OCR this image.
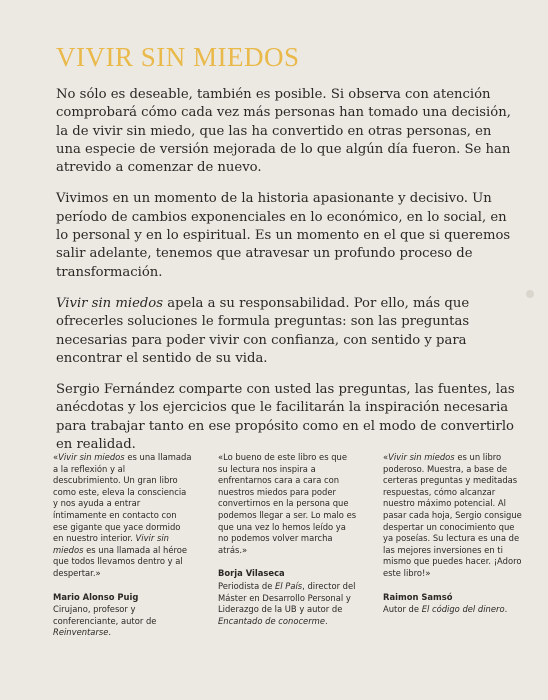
VIVIR SIN MIEDOS

No sólo es deseable, también es posible. Si observa con atención comprobará cómo cada vez más personas han tomado una decisión, la de vivir sin miedo, que las ha convertido en otras personas, en una especie de versión mejorada de lo que algún día fueron. Se han atrevido a comenzar de nuevo.

Vivimos en un momento de la historia apasionante y decisivo. Un período de cambios exponenciales en lo económico, en lo social, en lo personal y en lo espiritual. Es un momento en el que si queremos salir adelante, tenemos que atravesar un profundo proceso de transformación.

Vivir sin miedos apela a su responsabilidad. Por ello, más que ofrecerles soluciones le formula preguntas: son las preguntas necesarias para poder vivir con confianza, con sentido y para encontrar el sentido de su vida.

Sergio Fernández comparte con usted las preguntas, las fuentes, las anécdotas y los ejercicios que le facilitarán la inspiración necesaria para trabajar tanto en ese propósito como en el modo de convertirlo en realidad.

«Vivir sin miedos es una llamada a la reflexión y al descubrimiento. Un gran libro como este, eleva la consciencia y nos ayuda a entrar íntimamente en contacto con ese gigante que yace dormido en nuestro interior. Vivir sin miedos es una llamada al héroe que todos llevamos dentro y al despertar.»

Mario Alonso Puig

Cirujano, profesor y conferenciante, autor de Reinventarse.

«Lo bueno de este libro es que su lectura nos inspira a enfrentarnos cara a cara con nuestros miedos para poder convertirnos en la persona que podemos llegar a ser. Lo malo es que una vez lo hemos leído ya no podemos volver marcha atrás.»

Borja Vilaseca

Periodista de El País, director del Máster en Desarrollo Personal y Liderazgo de la UB y autor de Encantado de conocerme.

«Vivir sin miedos es un libro poderoso. Muestra, a base de certeras preguntas y meditadas respuestas, cómo alcanzar nuestro máximo potencial. Al pasar cada hoja, Sergio consigue despertar un conocimiento que ya poseías. Su lectura es una de las mejores inversiones en ti mismo que puedes hacer. ¡Adoro este libro!»

Raimon Samsó

Autor de El código del dinero.
